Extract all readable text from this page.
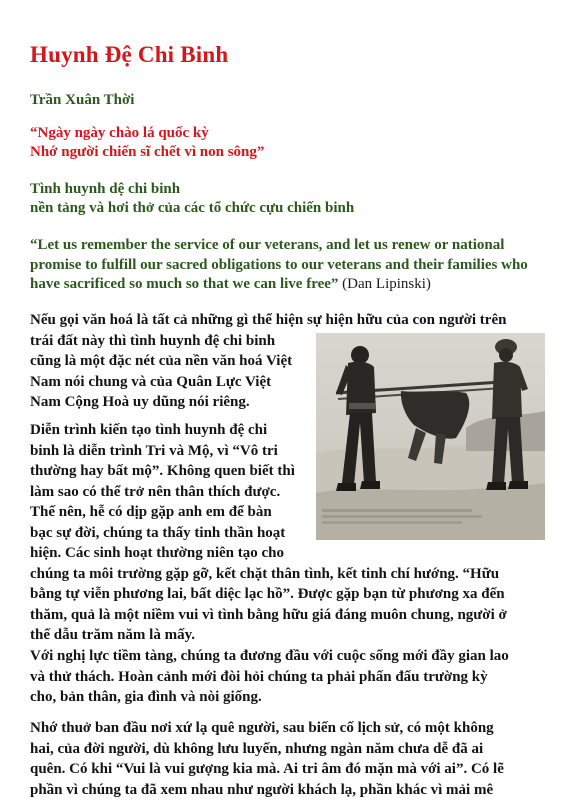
Huynh Đệ Chi Binh

Trần Xuân Thời

“Ngày ngày chào lá quốc kỳ
Nhớ người chiến sĩ chết vì non sông”

Tình huynh dệ chi binh
nền tảng và hơi thở của các tổ chức cựu chiến binh

“Let us remember the service of our veterans, and let us renew or national promise to fulfill our sacred obligations to our veterans and their families who have sacrificed so much so that we can live free” (Dan Lipinski)

Nếu gọi văn hoá là tất cả những gì thể hiện sự hiện hữu của con người trên
trái đất này thì tình huynh đệ chi binh
cũng là một đặc nét của nền văn hoá Việt
Nam nói chung và của Quân Lực Việt
Nam Cộng Hoà uy dũng nói riêng.

Diễn trình kiến tạo tình huynh đệ chi
binh là diễn trình Tri và Mộ, vì “Vô tri
thường hay bất mộ”. Không quen biết thì
làm sao có thể trở nên thân thích được.
Thế nên, hễ có dịp gặp anh em để bàn
bạc sự đời, chúng ta thấy tinh thần hoạt
hiện. Các sinh hoạt thường niên tạo cho
chúng ta môi trường gặp gỡ, kết chặt thân tình, kết tinh chí hướng. “Hữu
bằng tự viễn phương lai, bất diệc lạc hồ”. Được gặp bạn từ phương xa đến
thăm, quả là một niềm vui vì tình bằng hữu giá đáng muôn chung, người ở
thế dẫu trăm năm là mấy.

Với nghị lực tiềm tàng, chúng ta đương đầu với cuộc sống mới đầy gian lao
và thử thách. Hoàn cảnh mới đòi hỏi chúng ta phải phấn đấu trường kỳ
cho, bản thân, gia đình và nòi giống.

Nhớ thuở ban đầu nơi xứ lạ quê người, sau biến cố lịch sử, có một không
hai, của đời người, dù không lưu luyến, nhưng ngàn năm chưa dễ đã ai
quên. Có khi “Vui là vui gượng kia mà. Ai tri âm đó mặn mà với ai”. Có lẽ
phần vì chúng ta đã xem nhau như người khách lạ, phần khác vì mải mê
